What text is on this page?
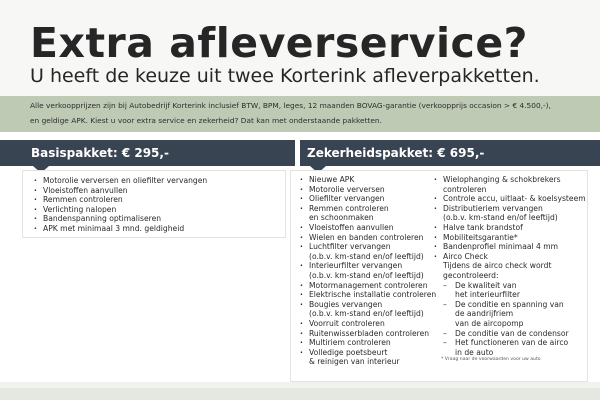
Extra afleverservice?

U heeft de keuze uit twee Korterink afleverpakketten.

Alle verkoopprijzen zijn bij Autobedrijf Korterink inclusief BTW, BPM, leges, 12 maanden BOVAG-garantie (verkoopprijs occasion > € 4.500,-),
en geldige APK. Kiest u voor extra service en zekerheid? Dat kan met onderstaande pakketten.

Basispakket: € 295,-	Zekerheidspakket: € 695,-
· Motorolie verversen en oliefilter vervangen
· Vloeistoffen aanvullen
· Remmen controleren
· Verlichting nalopen
· Bandenspanning optimaliseren
· APK met minimaal 3 mnd. geldigheid
· Nieuwe APK
· Motorolie verversen
· Oliefilter vervangen
· Remmen controleren
en schoonmaken
· Vloeistoffen aanvullen
· Wielen en banden controleren
· Luchtfilter vervangen
(o.b.v. km-stand en/of leeftijd)
· Interieurfilter vervangen
(o.b.v. km-stand en/of leeftijd)
· Motormanagement controleren
· Elektrische installatie controleren
· Bougies vervangen
(o.b.v. km-stand en/of leeftijd)
· Voorruit controleren
· Ruitenwisserbladen controleren
· Multiriem controleren
· Volledige poetsbeurt
& reinigen van interieur
· Wielophanging & schokbrekers
controleren
· Controle accu, uitlaat- & koelsysteem
· Distributieriem vervangen
(o.b.v. km-stand en/of leeftijd)
· Halve tank brandstof
· Mobiliteitsgarantie*
· Bandenprofiel minimaal 4 mm
· Airco Check
Tijdens de airco check wordt
gecontroleerd:
– De kwaliteit van
het interieurfilter
– De conditie en spanning van
de aandrijfriem
van de aircopomp
– De conditie van de condensor
– Het functioneren van de airco
in de auto

* Vraag naar de voorwaarden voor uw auto
